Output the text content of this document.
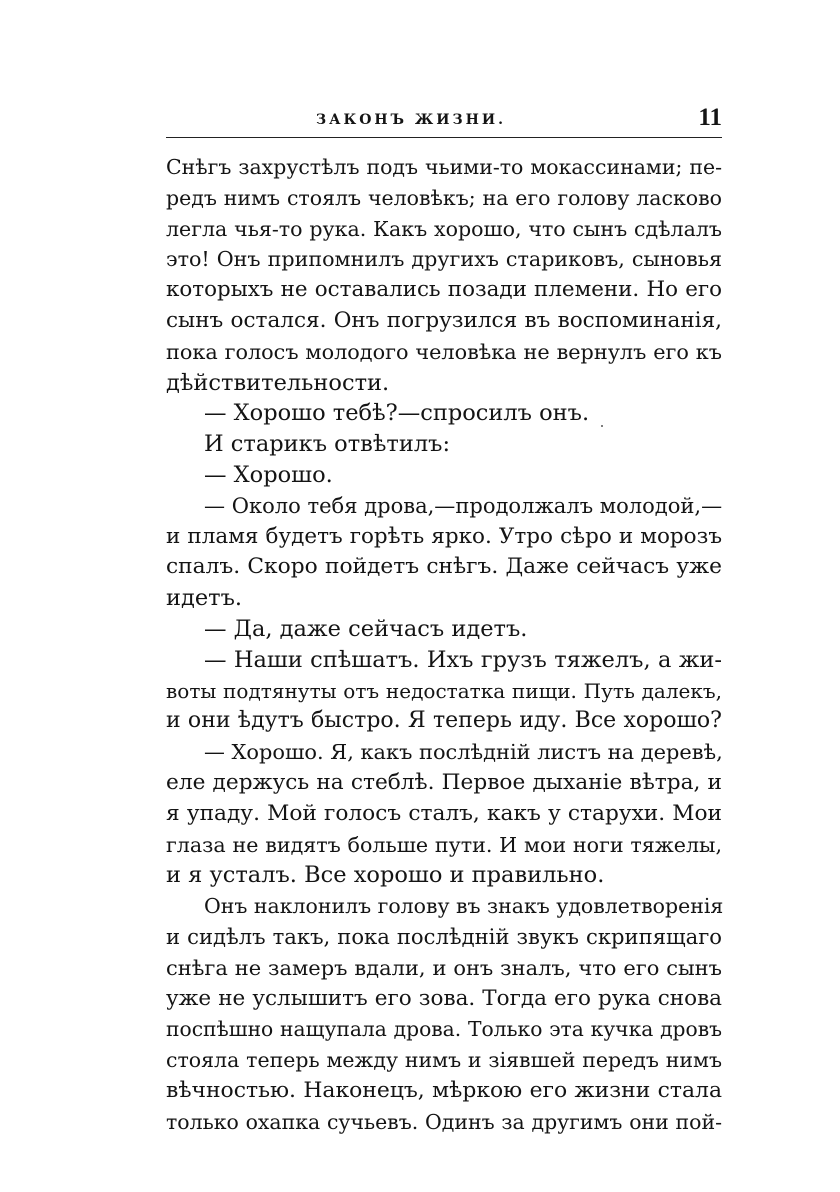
ЗАКОНЪ ЖИЗНИ.	11
Снѣгъ захрустѣлъ подъ чьими-то мокассинами; пе-
редъ нимъ стоялъ человѣкъ; на его голову ласково
легла чья-то рука. Какъ хорошо, что сынъ сдѣлалъ
это! Онъ припомнилъ другихъ стариковъ, сыновья
которыхъ не оставались позади племени. Но его
сынъ остался. Онъ погрузился въ воспоминанія,
пока голосъ молодого человѣка не вернулъ его къ
дѣйствительности.
— Хорошо тебѣ?—спросилъ онъ.
И старикъ отвѣтилъ:
— Хорошо.
— Около тебя дрова,—продолжалъ молодой,—
и пламя будетъ горѣть ярко. Утро сѣро и морозъ
спалъ. Скоро пойдетъ снѣгъ. Даже сейчасъ уже
идетъ.
— Да, даже сейчасъ идетъ.
— Наши спѣшатъ. Ихъ грузъ тяжелъ, а жи-
воты подтянуты отъ недостатка пищи. Путь далекъ,
и они ѣдутъ быстро. Я теперь иду. Все хорошо?
— Хорошо. Я, какъ послѣдній листъ на деревѣ,
еле держусь на стеблѣ. Первое дыханіе вѣтра, и
я упаду. Мой голосъ сталъ, какъ у старухи. Мои
глаза не видятъ больше пути. И мои ноги тяжелы,
и я усталъ. Все хорошо и правильно.
Онъ наклонилъ голову въ знакъ удовлетворенія
и сидѣлъ такъ, пока послѣдній звукъ скрипящаго
снѣга не замеръ вдали, и онъ зналъ, что его сынъ
уже не услышитъ его зова. Тогда его рука снова
поспѣшно нащупала дрова. Только эта кучка дровъ
стояла теперь между нимъ и зіявшей передъ нимъ
вѣчностью. Наконецъ, мѣркою его жизни стала
только охапка сучьевъ. Одинъ за другимъ они пой-
